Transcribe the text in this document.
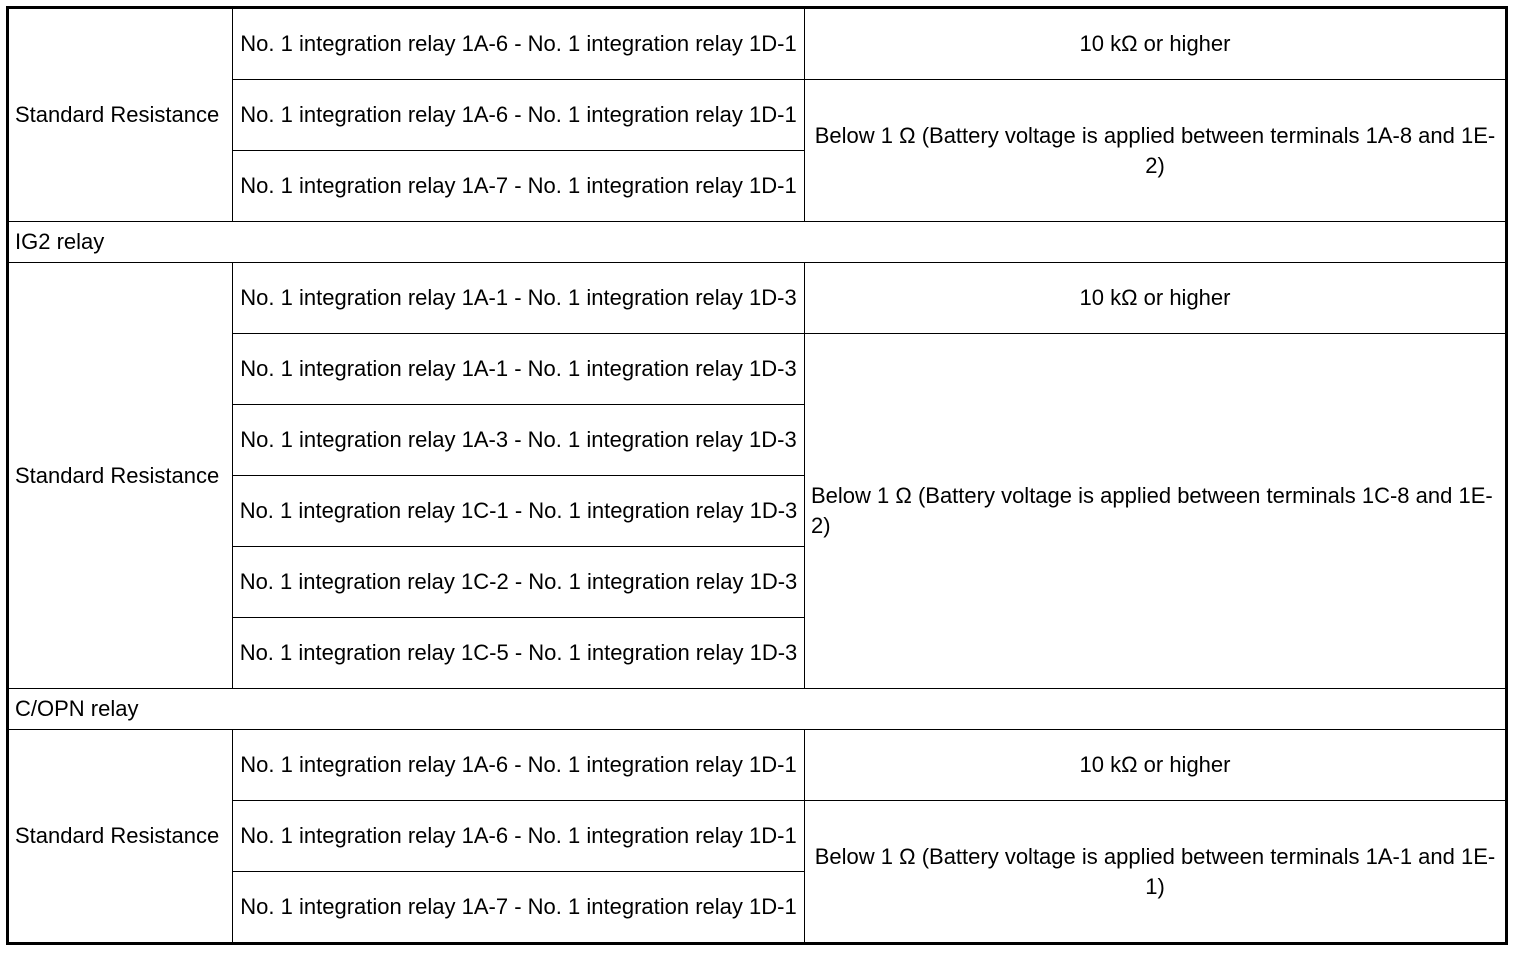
Standard Resistance	No. 1 integration relay 1A-6 - No. 1 integration relay 1D-1	10 kΩ or higher
	No. 1 integration relay 1A-6 - No. 1 integration relay 1D-1	Below 1 Ω (Battery voltage is applied between terminals 1A-8 and 1E-2)
	No. 1 integration relay 1A-7 - No. 1 integration relay 1D-1	
IG2 relay		
Standard Resistance	No. 1 integration relay 1A-1 - No. 1 integration relay 1D-3	10 kΩ or higher
	No. 1 integration relay 1A-1 - No. 1 integration relay 1D-3	Below 1 Ω (Battery voltage is applied between terminals 1C-8 and 1E-2)
	No. 1 integration relay 1A-3 - No. 1 integration relay 1D-3	
	No. 1 integration relay 1C-1 - No. 1 integration relay 1D-3	
	No. 1 integration relay 1C-2 - No. 1 integration relay 1D-3	
	No. 1 integration relay 1C-5 - No. 1 integration relay 1D-3	
C/OPN relay		
Standard Resistance	No. 1 integration relay 1A-6 - No. 1 integration relay 1D-1	10 kΩ or higher
	No. 1 integration relay 1A-6 - No. 1 integration relay 1D-1	Below 1 Ω (Battery voltage is applied between terminals 1A-1 and 1E-1)
	No. 1 integration relay 1A-7 - No. 1 integration relay 1D-1	
